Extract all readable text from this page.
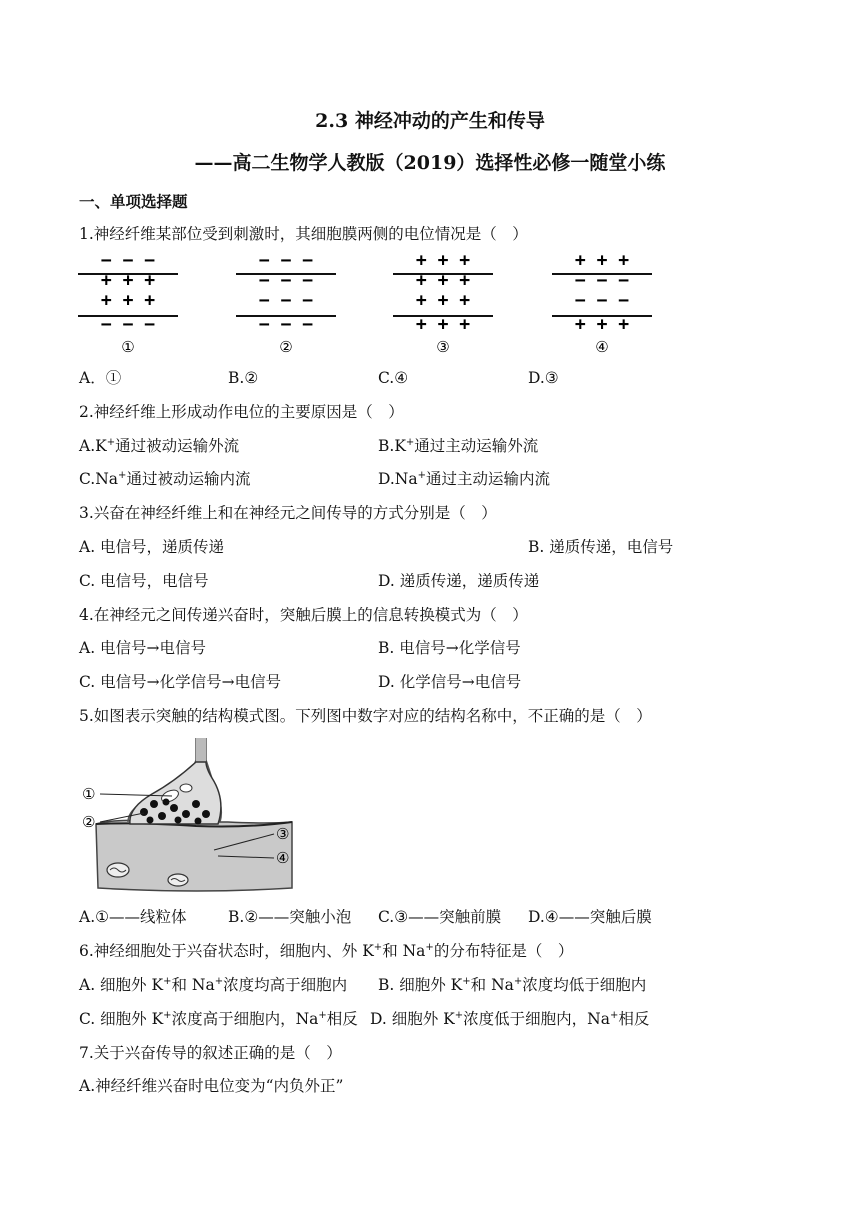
2.3 神经冲动的产生和传导
——高二生物学人教版（2019）选择性必修一随堂小练
一、单项选择题
1.神经纤维某部位受到刺激时，其细胞膜两侧的电位情况是（　）
− − −
+ + +
+ + +
− − −
①
− − −
− − −
− − −
− − −
②
+ + +
+ + +
+ + +
+ + +
③
+ + +
− − −
− − −
+ + +
④
A．①	B.②	C.④	D.③
2.神经纤维上形成动作电位的主要原因是（　）
A.K+通过被动运输外流	B.K+通过主动运输外流
C.Na+通过被动运输内流	D.Na+通过主动运输内流
3.兴奋在神经纤维上和在神经元之间传导的方式分别是（　）
A. 电信号，递质传递	B. 递质传递，电信号
C. 电信号，电信号	D. 递质传递，递质传递
4.在神经元之间传递兴奋时，突触后膜上的信息转换模式为（　）
A. 电信号→电信号	B. 电信号→化学信号
C. 电信号→化学信号→电信号	D. 化学信号→电信号
5.如图表示突触的结构模式图。下列图中数字对应的结构名称中，不正确的是（　）
①
②
③
④
A.①——线粒体	B.②——突触小泡 C.③——突触前膜 D.④——突触后膜
6.神经细胞处于兴奋状态时，细胞内、外 K+和 Na+的分布特征是（　）
A. 细胞外 K+和 Na+浓度均高于细胞内 B. 细胞外 K+和 Na+浓度均低于细胞内
C. 细胞外 K+浓度高于细胞内，Na+相反 D. 细胞外 K+浓度低于细胞内，Na+相反
7.关于兴奋传导的叙述正确的是（　）
A.神经纤维兴奋时电位变为“内负外正”
